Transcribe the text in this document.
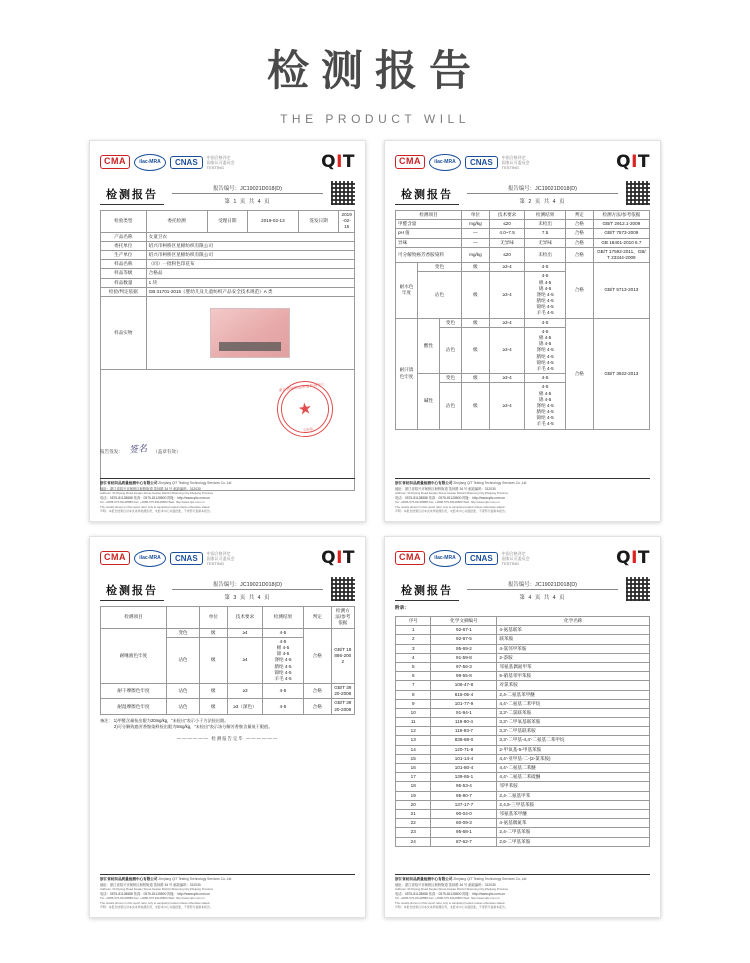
检测报告
THE PRODUCT WILL
CMA	ilac-MRA	CNAS
中国合格评定
国家认可委员会
TESTING	QIT
检测报告	报告编号：JC19021D018(D)
第 1 页 共 4 页
检验类型	委托检测	受理日期	2019-02-13	签发日期	2019-02-15
产品名称	女童卫衣				
委托单位	绍兴市柯桥区星棉纺织有限公司				
生产单位	绍兴市柯桥区星棉纺织有限公司				
样品名称	（同）一批粉色印花布				
样品等级	合格品				
样品数量	1 块				
检验/判定依据	GB 31701-2015《婴幼儿及儿童纺织产品安全技术规范》A 类				
样品实物					

浙江省纺织品质量检测中心
★
专用章
报告签发： 签名 （盖章有效）
浙江省纺织品质量检测中心有限公司 Zhejiang QIT Testing Technology Services Co.,Ltd
地址：浙江省绍兴市柯桥区柯桥街道 笛扬路 34 号 邮政编码：312030
Address: 34 Diyang Road,Keqiao Street,Keqiao District,Shaoxing City,Zhejiang Province
电话：0575-81128888 传真：0575-81128800 网址：http://www.qitc.com.cn
Tel: +0086-575-81128888 Fax: +0086-575-81128800 Web: http://www.qitc.com.cn
The results shown in this report refer only to sample(s) tested unless otherwise stated.
声明：本报告结果仅对本次来样检测负责，未经本中心书面批准，不得部分复制本报告。
CMA	ilac-MRA	CNAS
中国合格评定
国家认可委员会
TESTING	QIT
检测报告	报告编号：JC19021D018(D)
第 2 页 共 4 页
检测项目			单位	技术要求	检测结果	判定	检测方法/参考依据
甲醛含量			mg/kg	≤20	未检出	合格	GB/T 2912.1-2009
pH 值			—	4.0~7.5	7.5	合格	GB/T 7573-2009
异味			—	无异味	无异味	合格	GB 18401-2010 6.7
可分解致癌芳香胺染料			mg/kg	≤20	未检出	合格	GB/T 17592-2011、GB/T 23344-2009
耐水色牢度	变色		级	≥3-4	4-5	合格	GB/T 5713-2013
沾色	级	≥3-4	4-5
棉 4-5
锦 4-5
涤纶 4-5
腈纶 4-5
锦纶 4-5
羊毛 4-5
耐汗渍色牢度	酸性	变色	级	≥3-4	4-5	合格	GB/T 3922-2013
沾色	级	≥3-4	4-5
棉 4-5
锦 4-5
涤纶 4-5
腈纶 4-5
锦纶 4-5
羊毛 4-5
	碱性	变色	级	≥3-4	4-5		
沾色	级	≥3-4	4-5
棉 4-5
锦 4-5
涤纶 4-5
腈纶 4-5
锦纶 4-5
羊毛 4-5
浙江省纺织品质量检测中心有限公司 Zhejiang QIT Testing Technology Services Co.,Ltd
地址：浙江省绍兴市柯桥区柯桥街道 笛扬路 34 号 邮政编码：312030
Address: 34 Diyang Road,Keqiao Street,Keqiao District,Shaoxing City,Zhejiang Province
电话：0575-81128888 传真：0575-81128800 网址：http://www.qitc.com.cn
Tel: +0086-575-81128888 Fax: +0086-575-81128800 Web: http://www.qitc.com.cn
The results shown in this report refer only to sample(s) tested unless otherwise stated.
声明：本报告结果仅对本次来样检测负责，未经本中心书面批准，不得部分复制本报告。
CMA	ilac-MRA	CNAS
中国合格评定
国家认可委员会
TESTING	QIT
检测报告	报告编号：JC19021D018(D)
第 3 页 共 4 页
检测项目		单位	技术要求	检测结果	判定	检测方法/参考依据
耐唾液色牢度	变色	级	≥4	4-5	合格	GB/T 18886-2002
沾色	级	≥4	4-5
棉 4-5
锦 4-5
涤纶 4-5
腈纶 4-5
锦纶 4-5
羊毛 4-5
耐干摩擦色牢度	沾色	级	≥3	4-5	合格	GB/T 3920-2008
耐湿摩擦色牢度	沾色	级	≥3（深色）	4-5	合格	GB/T 3920-2008
备注： 1)甲醛含量检出限为20mg/kg，“未检出”表示小于方法检出限。
2)可分解致癌芳香胺染料检出限为5mg/kg，“未检出”表示该分解芳香胺含量低于限值。
—————— 检测报告完毕 ——————
浙江省纺织品质量检测中心有限公司 Zhejiang QIT Testing Technology Services Co.,Ltd
地址：浙江省绍兴市柯桥区柯桥街道 笛扬路 34 号 邮政编码：312030
Address: 34 Diyang Road,Keqiao Street,Keqiao District,Shaoxing City,Zhejiang Province
电话：0575-81128888 传真：0575-81128800 网址：http://www.qitc.com.cn
Tel: +0086-575-81128888 Fax: +0086-575-81128800 Web: http://www.qitc.com.cn
The results shown in this report refer only to sample(s) tested unless otherwise stated.
声明：本报告结果仅对本次来样检测负责，未经本中心书面批准，不得部分复制本报告。
CMA	ilac-MRA	CNAS
中国合格评定
国家认可委员会
TESTING	QIT
检测报告	报告编号：JC19021D018(D)
第 4 页 共 4 页
附录：
序号	化学文摘编号	化学名称
1	92-67-1	4-氨基联苯
2	92-87-5	联苯胺
3	95-69-2	4-氯邻甲苯胺
4	91-59-8	2-萘胺
5	97-56-3	邻氨基偶氮甲苯
6	99-55-8	5-硝基邻甲苯胺
7	106-47-8	对氯苯胺
8	615-05-4	2,4-二氨基苯甲醚
9	101-77-9	4,4'-二氨基二苯甲烷
10	91-94-1	3,3'-二氯联苯胺
11	119-90-4	3,3'-二甲氧基联苯胺
12	119-93-7	3,3'-二甲基联苯胺
13	838-88-0	3,3'-二甲基-4,4'-二氨基二苯甲烷
14	120-71-8	2-甲氧基-5-甲基苯胺
15	101-14-4	4,4'-亚甲基-二-(2-氯苯胺)
16	101-80-4	4,4'-二氨基二苯醚
17	139-65-1	4,4'-二氨基二苯硫醚
18	95-53-4	邻甲苯胺
19	95-80-7	2,4-二氨基甲苯
20	137-17-7	2,4,5-三甲基苯胺
21	90-04-0	邻氨基苯甲醚
22	60-09-3	4-氨基偶氮苯
23	95-68-1	2,4-二甲基苯胺
24	87-62-7	2,6-二甲基苯胺
浙江省纺织品质量检测中心有限公司 Zhejiang QIT Testing Technology Services Co.,Ltd
地址：浙江省绍兴市柯桥区柯桥街道 笛扬路 34 号 邮政编码：312030
Address: 34 Diyang Road,Keqiao Street,Keqiao District,Shaoxing City,Zhejiang Province
电话：0575-81128888 传真：0575-81128800 网址：http://www.qitc.com.cn
Tel: +0086-575-81128888 Fax: +0086-575-81128800 Web: http://www.qitc.com.cn
The results shown in this report refer only to sample(s) tested unless otherwise stated.
声明：本报告结果仅对本次来样检测负责，未经本中心书面批准，不得部分复制本报告。
